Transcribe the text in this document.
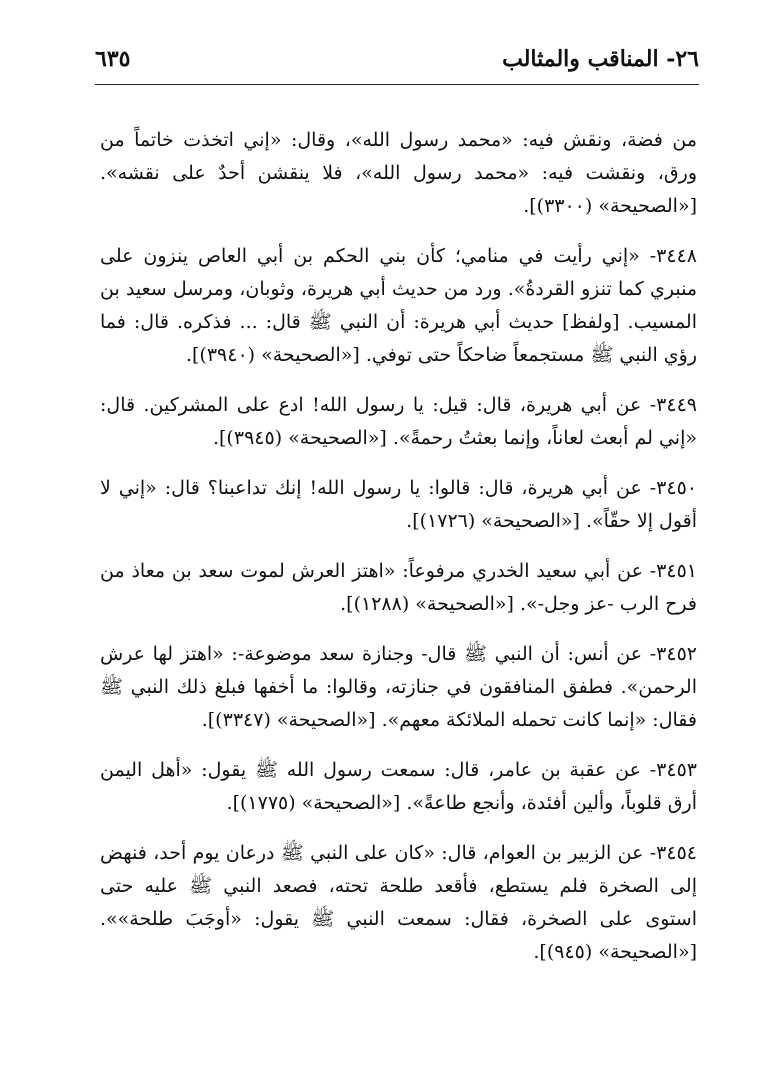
٢٦- المناقب والمثالب
٦٣٥

من فضة، ونقش فيه: «محمد رسول الله»، وقال: «إني اتخذت خاتماً من ورق، ونقشت فيه: «محمد رسول الله»، فلا ينقشن أحدٌ على نقشه». [«الصحيحة» (٣٣٠٠)].

٣٤٤٨- «إني رأيت في منامي؛ كأن بني الحكم بن أبي العاص ينزون على منبري كما تنزو القردةُ». ورد من حديث أبي هريرة، وثوبان، ومرسل سعيد بن المسيب. [ولفظ] حديث أبي هريرة: أن النبي ﷺ قال: ... فذكره. قال: فما رؤي النبي ﷺ مستجمعاً ضاحكاً حتى توفي. [«الصحيحة» (٣٩٤٠)].

٣٤٤٩- عن أبي هريرة، قال: قيل: يا رسول الله! ادع على المشركين. قال: «إني لم أبعث لعاناً، وإنما بعثتُ رحمةً». [«الصحيحة» (٣٩٤٥)].

٣٤٥٠- عن أبي هريرة، قال: قالوا: يا رسول الله! إنك تداعبنا؟ قال: «إني لا أقول إلا حقّاً». [«الصحيحة» (١٧٢٦)].

٣٤٥١- عن أبي سعيد الخدري مرفوعاً: «اهتز العرش لموت سعد بن معاذ من فرح الرب -عز وجل-». [«الصحيحة» (١٢٨٨)].

٣٤٥٢- عن أنس: أن النبي ﷺ قال- وجنازة سعد موضوعة-: «اهتز لها عرش الرحمن». فطفق المنافقون في جنازته، وقالوا: ما أخفها فبلغ ذلك النبي ﷺ فقال: «إنما كانت تحمله الملائكة معهم». [«الصحيحة» (٣٣٤٧)].

٣٤٥٣- عن عقبة بن عامر، قال: سمعت رسول الله ﷺ يقول: «أهل اليمن أرق قلوباً، وألين أفئدة، وأنجع طاعةً». [«الصحيحة» (١٧٧٥)].

٣٤٥٤- عن الزبير بن العوام، قال: «كان على النبي ﷺ درعان يوم أحد، فنهض إلى الصخرة فلم يستطع، فأقعد طلحة تحته، فصعد النبي ﷺ عليه حتى استوى على الصخرة، فقال: سمعت النبي ﷺ يقول: «أوجَبَ طلحة»». [«الصحيحة» (٩٤٥)].
